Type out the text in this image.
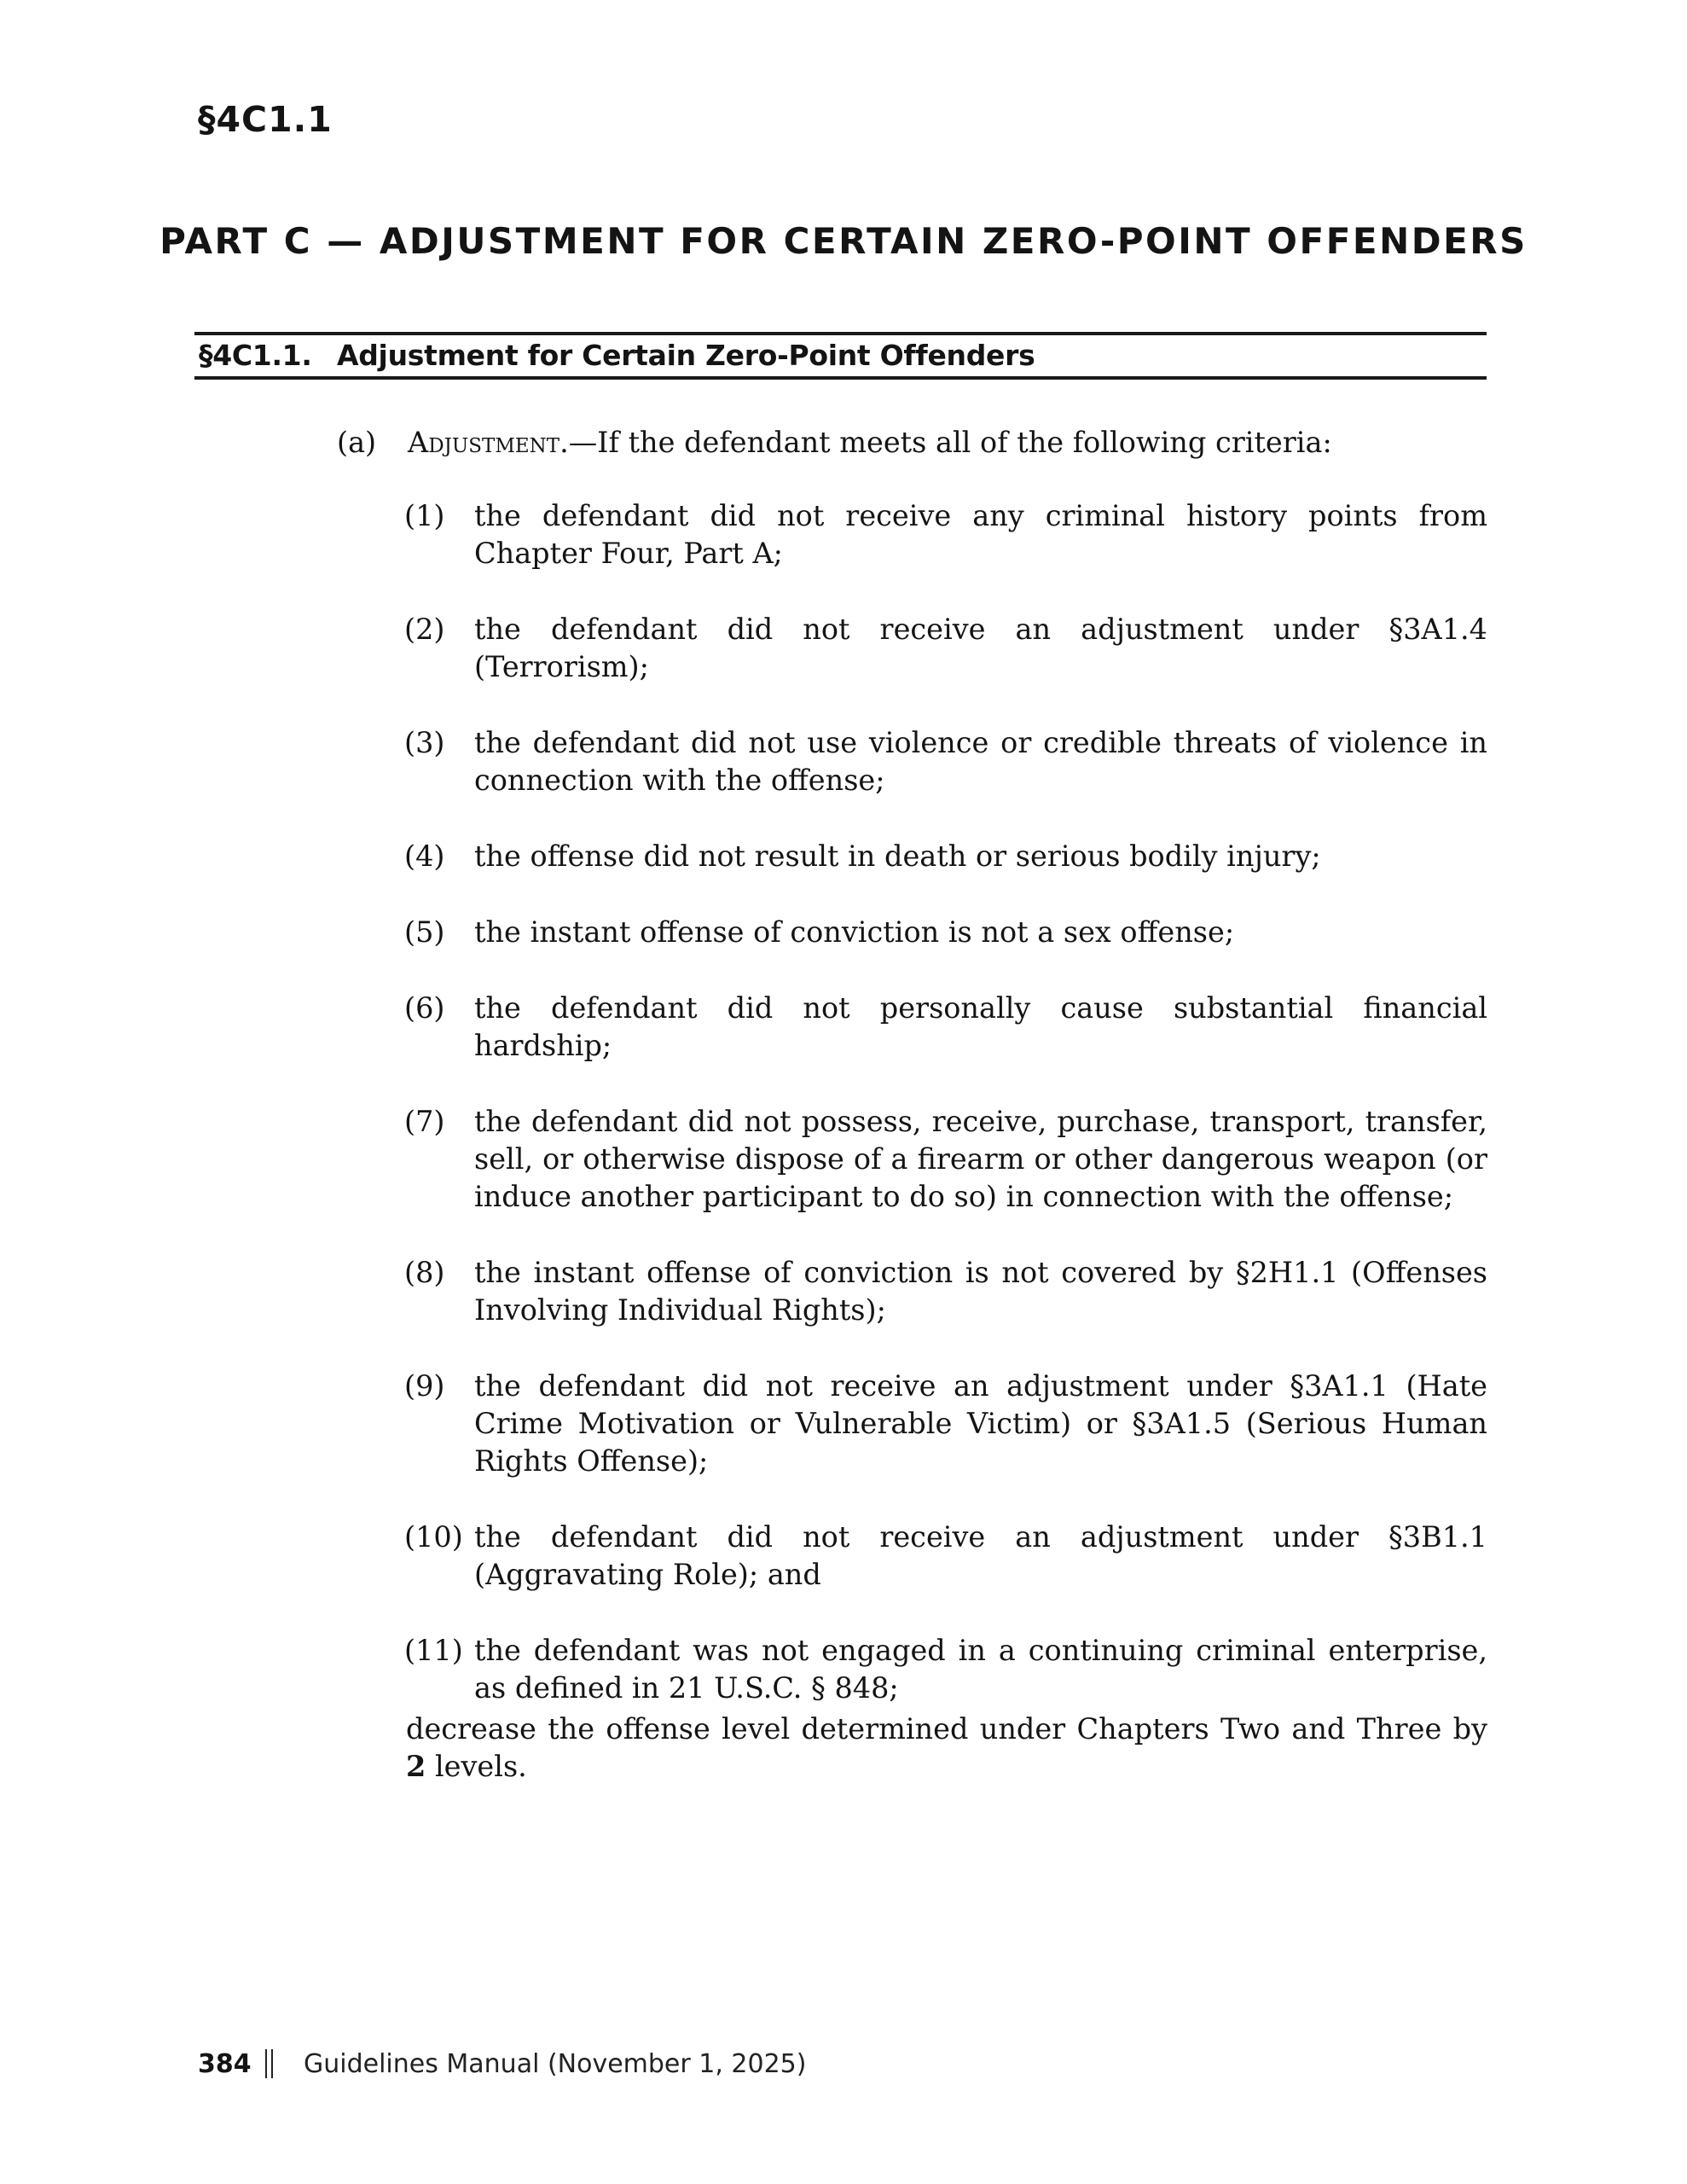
§4C1.1
PART C — ADJUSTMENT FOR CERTAIN ZERO-POINT OFFENDERS
§4C1.1. Adjustment for Certain Zero-Point Offenders
(a) Adjustment.—If the defendant meets all of the following criteria:
(1) the defendant did not receive any criminal history points from Chapter Four, Part A;
(2) the defendant did not receive an adjustment under §3A1.4 (Terrorism);
(3) the defendant did not use violence or credible threats of violence in connection with the offense;
(4) the offense did not result in death or serious bodily injury;
(5) the instant offense of conviction is not a sex offense;
(6) the defendant did not personally cause substantial financial hardship;
(7) the defendant did not possess, receive, purchase, transport, transfer, sell, or otherwise dispose of a firearm or other dangerous weapon (or induce another participant to do so) in connection with the offense;
(8) the instant offense of conviction is not covered by §2H1.1 (Offenses Involving Individual Rights);
(9) the defendant did not receive an adjustment under §3A1.1 (Hate Crime Motivation or Vulnerable Victim) or §3A1.5 (Serious Human Rights Offense);
(10) the defendant did not receive an adjustment under §3B1.1 (Aggravating Role); and
(11) the defendant was not engaged in a continuing criminal enterprise, as defined in 21 U.S.C. § 848;

decrease the offense level determined under Chapters Two and Three by 2 levels.

384 Guidelines Manual (November 1, 2025)
